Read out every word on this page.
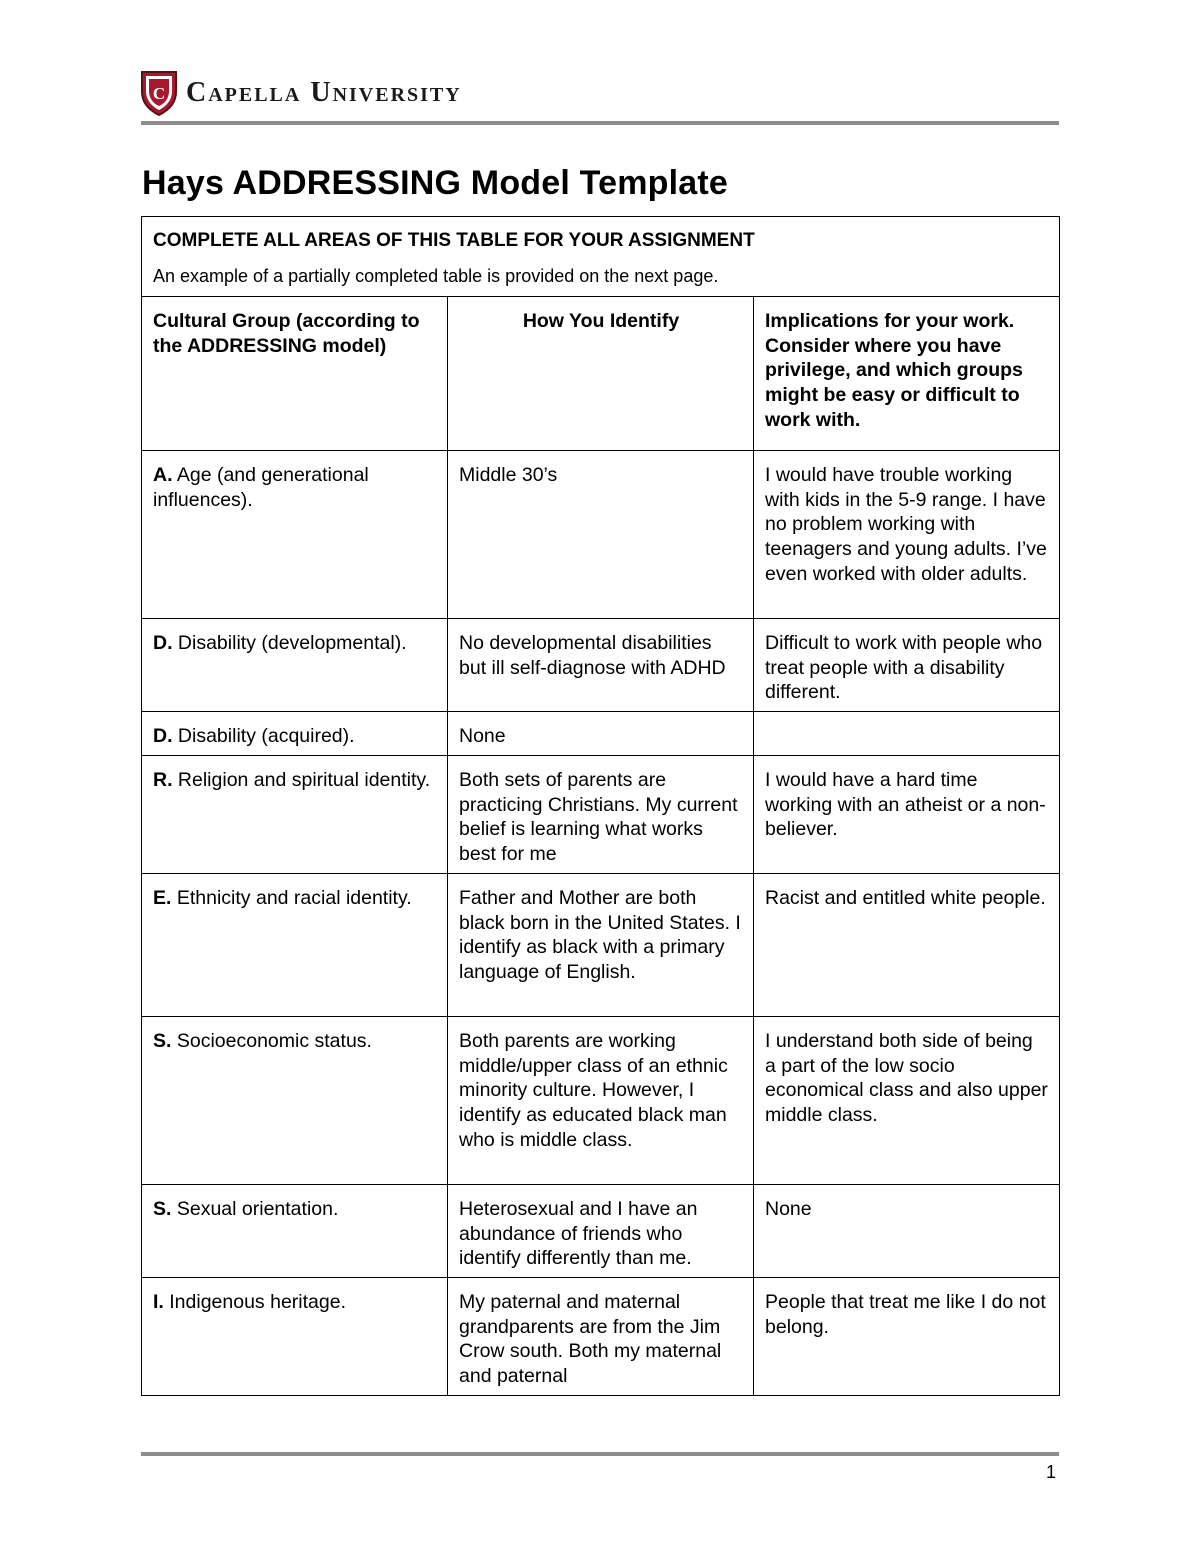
C Capella University
Hays ADDRESSING Model Template
COMPLETE ALL AREAS OF THIS TABLE FOR YOUR ASSIGNMENT
An example of a partially completed table is provided on the next page.		

Cultural Group (according to the ADDRESSING model)	How You Identify	Implications for your work. Consider where you have privilege, and which groups might be easy or difficult to work with.
A. Age (and generational influences).	Middle 30’s	I would have trouble working with kids in the 5-9 range. I have no problem working with teenagers and young adults. I’ve even worked with older adults.
D. Disability (developmental).	No developmental disabilities but ill self-diagnose with ADHD	Difficult to work with people who treat people with a disability different.
D. Disability (acquired).	None	
R. Religion and spiritual identity.	Both sets of parents are practicing Christians. My current belief is learning what works best for me	I would have a hard time working with an atheist or a non-believer.
E. Ethnicity and racial identity.	Father and Mother are both black born in the United States. I identify as black with a primary language of English.	Racist and entitled white people.
S. Socioeconomic status.	Both parents are working middle/upper class of an ethnic minority culture. However, I identify as educated black man who is middle class.	I understand both side of being a part of the low socio economical class and also upper middle class.
S. Sexual orientation.	Heterosexual and I have an abundance of friends who identify differently than me.	None
I. Indigenous heritage.	My paternal and maternal grandparents are from the Jim Crow south. Both my maternal and paternal	People that treat me like I do not belong.
1
